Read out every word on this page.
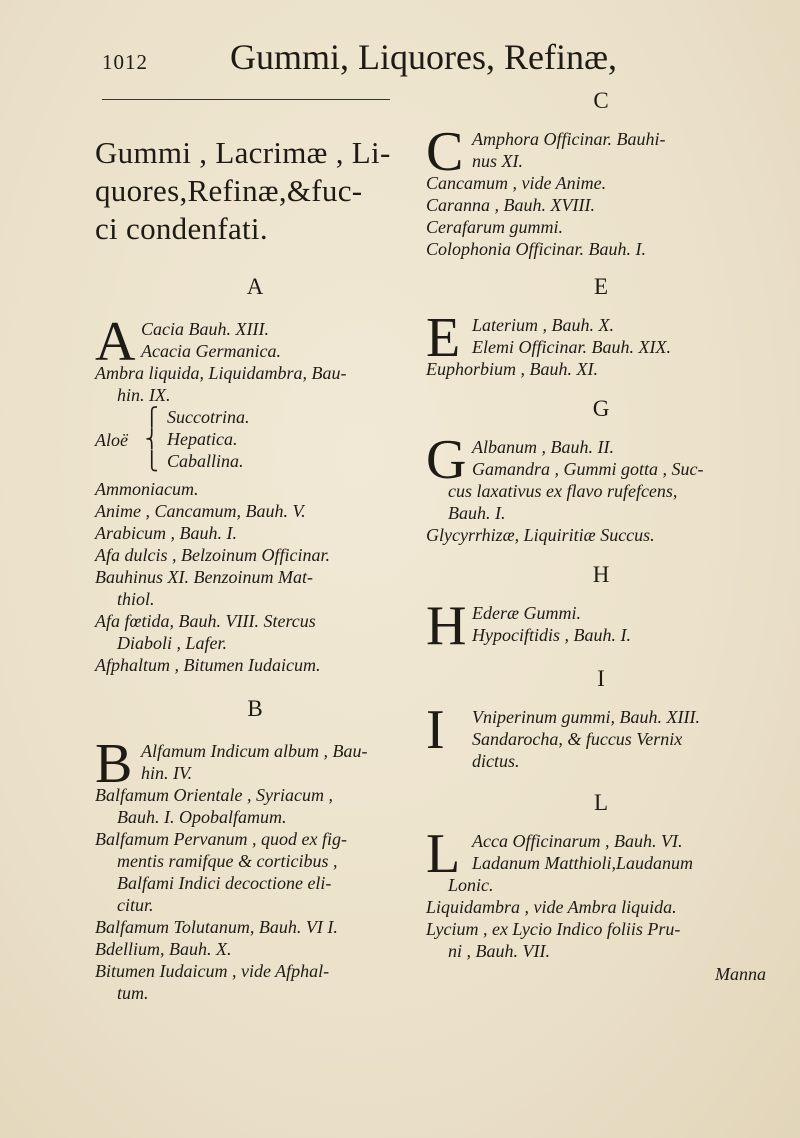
1012 Gummi, Liquores, Refinæ,
Gummi , Lacrimæ , Li-
quores,Refinæ,&fuc-
ci condenfati.
A
A Cacia Bauh. XIII.

Acacia Germanica.

Ambra liquida, Liquidambra, Bau-

hin. IX.

Aloë
⎧
⎨
⎩

Succotrina.

Hepatica.

Caballina.

Ammoniacum.

Anime , Cancamum, Bauh. V.

Arabicum , Bauh. I.

Afa dulcis , Belzoinum Officinar.

Bauhinus XI. Benzoinum Mat-

thiol.

Afa fœtida, Bauh. VIII. Stercus

Diaboli , Lafer.

Afphaltum , Bitumen Iudaicum.

B
B Alfamum Indicum album , Bau-

hin. IV.

Balfamum Orientale , Syriacum ,

Bauh. I. Opobalfamum.

Balfamum Pervanum , quod ex fig-

mentis ramifque & corticibus ,

Balfami Indici decoctione eli-

citur.

Balfamum Tolutanum, Bauh. VI I.

Bdellium, Bauh. X.

Bitumen Iudaicum , vide Afphal-

tum.

C
C Amphora Officinar. Bauhi-

nus XI.

Cancamum , vide Anime.

Caranna , Bauh. XVIII.

Cerafarum gummi.

Colophonia Officinar. Bauh. I.

E
E Laterium , Bauh. X.

Elemi Officinar. Bauh. XIX.

Euphorbium , Bauh. XI.

G
G Albanum , Bauh. II.

Gamandra , Gummi gotta , Suc-

cus laxativus ex flavo rufefcens,

Bauh. I.

Glycyrrhizæ, Liquiritiæ Succus.

H
H Ederæ Gummi.

Hypociftidis , Bauh. I.

I
I	Vniperinum gummi, Bauh. XIII.

Sandarocha, & fuccus Vernix

dictus.

L
L Acca Officinarum , Bauh. VI.

Ladanum Matthioli,Laudanum

Lonic.

Liquidambra , vide Ambra liquida.

Lycium , ex Lycio Indico foliis Pru-

ni , Bauh. VII.

Manna
